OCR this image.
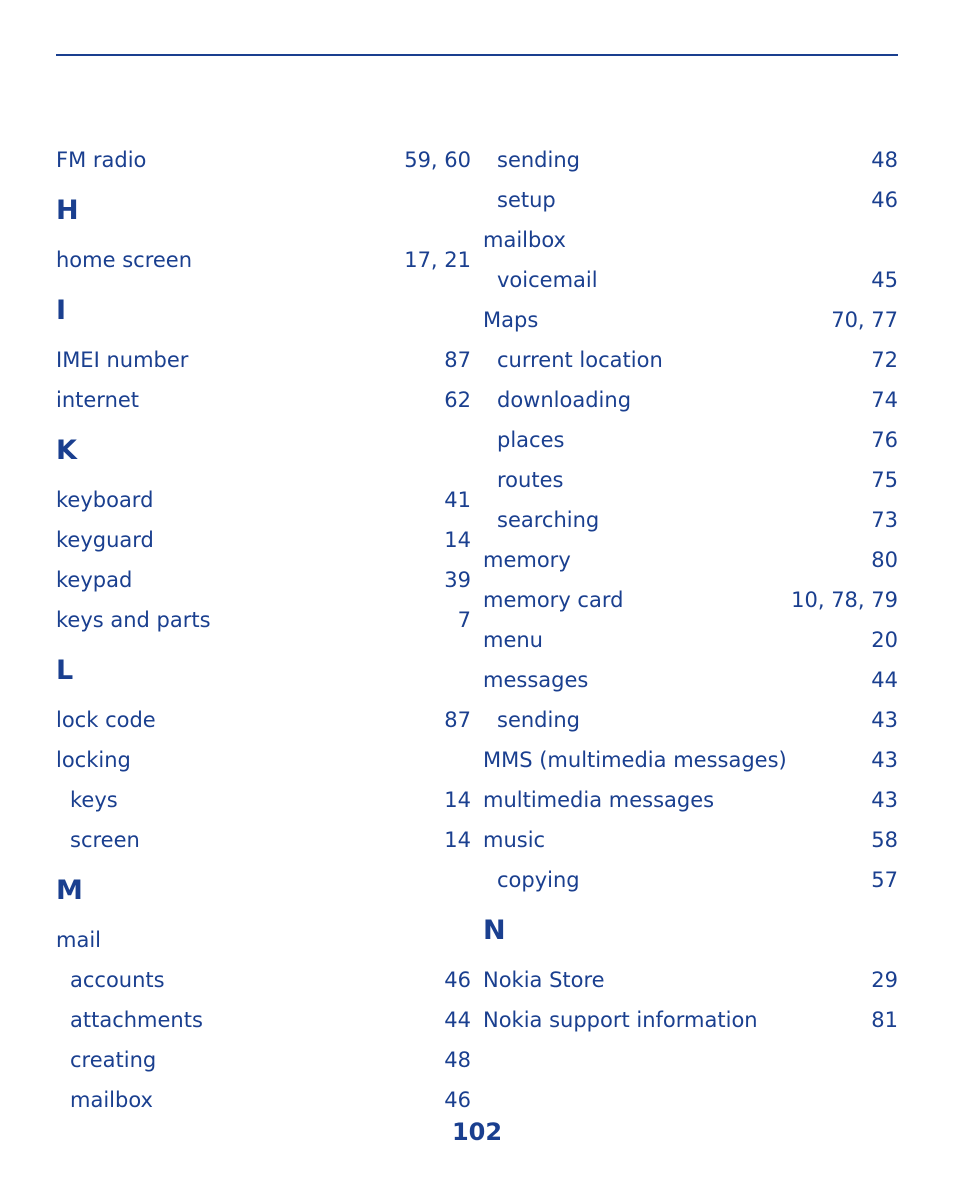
FM radio	59, 60
H
home screen	17, 21
I
IMEI number	87
internet	62
K
keyboard	41
keyguard	14
keypad	39
keys and parts	7
L
lock code	87
locking
keys	14
screen	14
M
mail
accounts	46
attachments	44
creating	48
mailbox	46
sending	48
setup	46
mailbox
voicemail	45
Maps	70, 77
current location	72
downloading	74
places	76
routes	75
searching	73
memory	80
memory card	10, 78, 79
menu	20
messages	44
sending	43
MMS (multimedia messages)	43
multimedia messages	43
music	58
copying	57
N
Nokia Store	29
Nokia support information	81
102
